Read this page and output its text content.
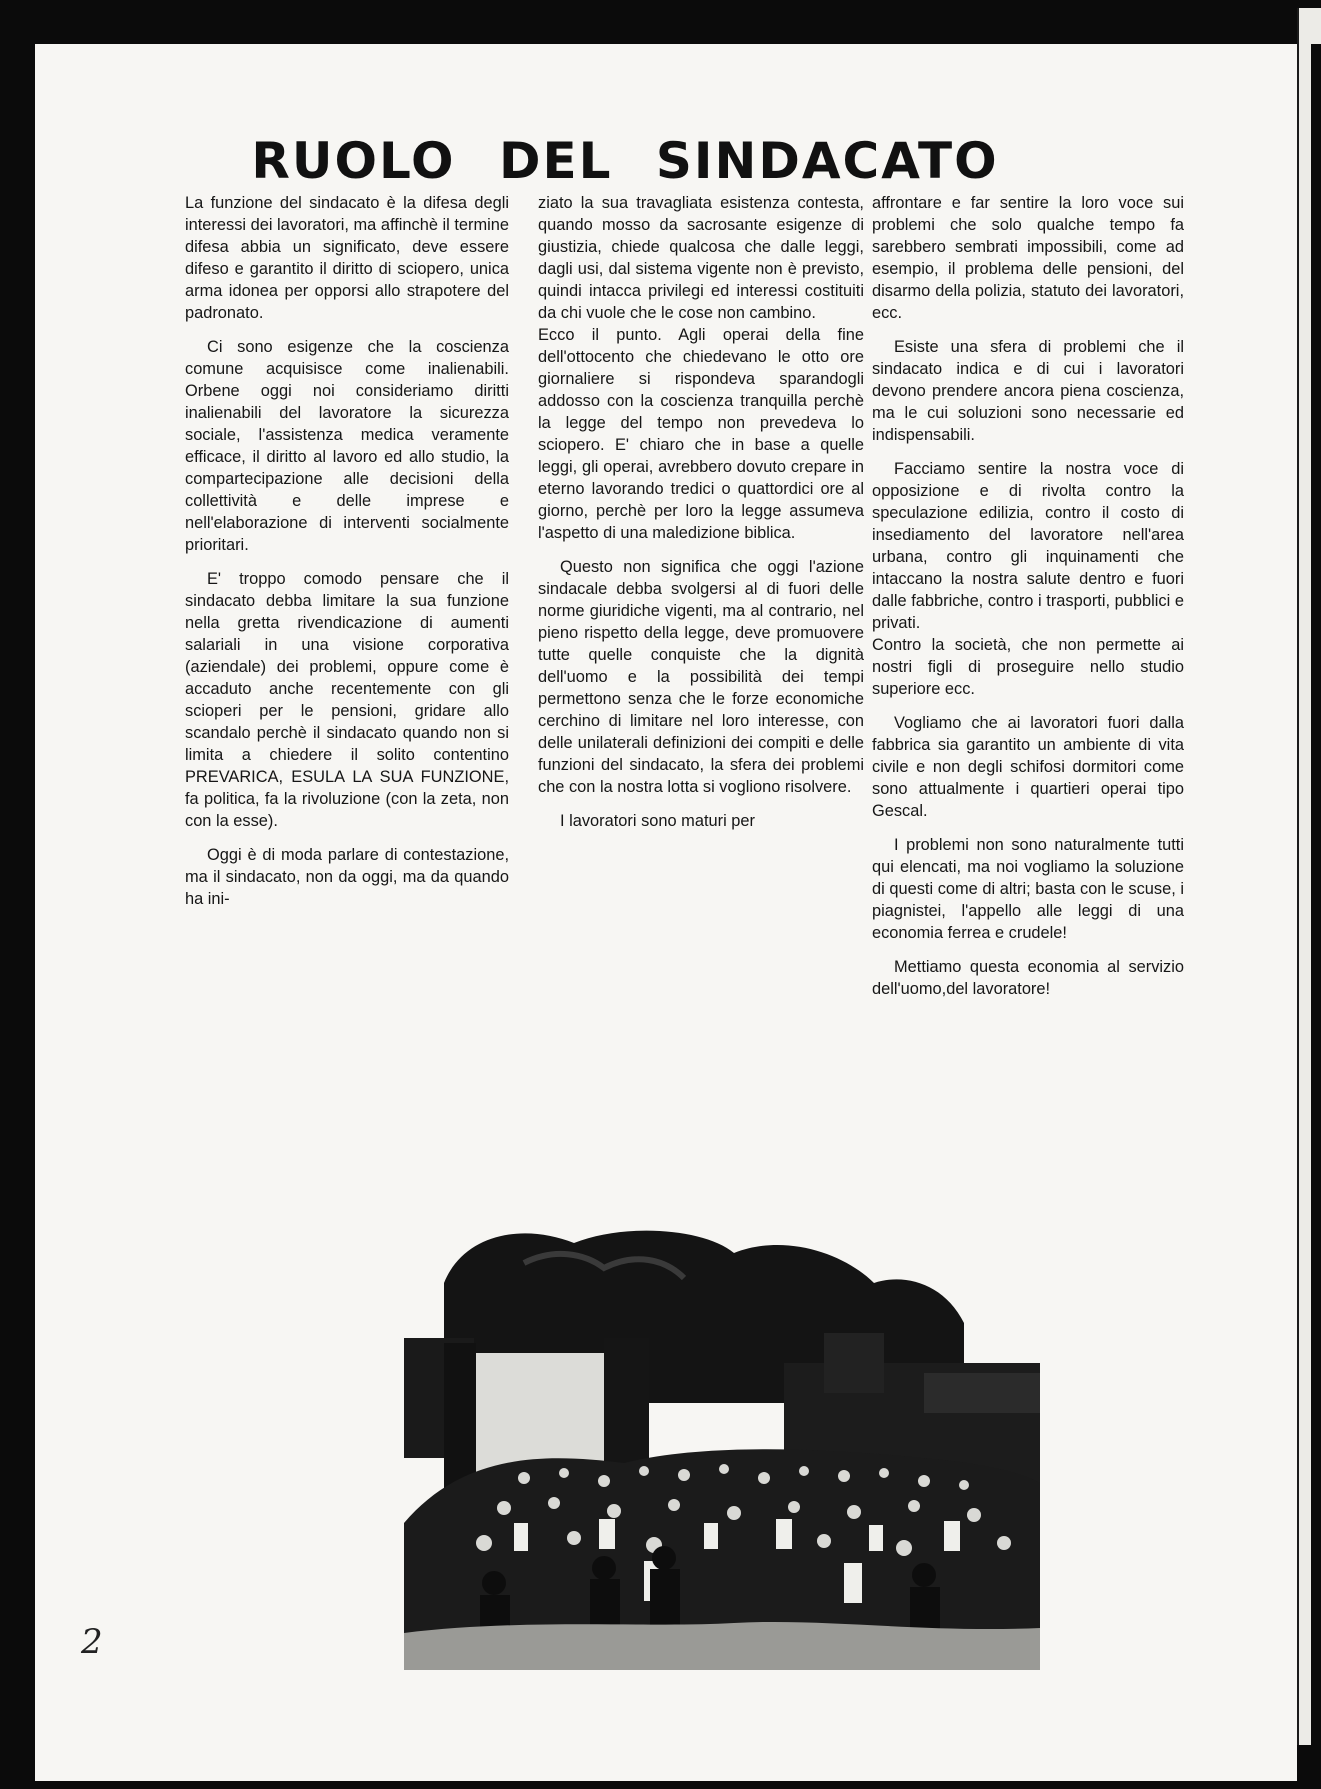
RUOLO DEL SINDACATO

La funzione del sindacato è la difesa degli interessi dei lavoratori, ma affinchè il termine difesa abbia un significato, deve essere difeso e garantito il diritto di sciopero, unica arma idonea per opporsi allo strapotere del padronato.

Ci sono esigenze che la coscienza comune acquisisce come inalienabili. Orbene oggi noi consideriamo diritti inalienabili del lavoratore la sicurezza sociale, l'assistenza medica veramente efficace, il diritto al lavoro ed allo studio, la compartecipazione alle decisioni della collettività e delle imprese e nell'elaborazione di interventi socialmente prioritari.

E' troppo comodo pensare che il sindacato debba limitare la sua funzione nella gretta rivendicazione di aumenti salariali in una visione corporativa (aziendale) dei problemi, oppure come è accaduto anche recentemente con gli scioperi per le pensioni, gridare allo scandalo perchè il sindacato quando non si limita a chiedere il solito contentino PREVARICA, ESULA LA SUA FUNZIONE, fa politica, fa la rivoluzione (con la zeta, non con la esse).

Oggi è di moda parlare di contestazione, ma il sindacato, non da oggi, ma da quando ha ini-

ziato la sua travagliata esistenza contesta, quando mosso da sacrosante esigenze di giustizia, chiede qualcosa che dalle leggi, dagli usi, dal sistema vigente non è previsto, quindi intacca privilegi ed interessi costituiti da chi vuole che le cose non cambino.

Ecco il punto. Agli operai della fine dell'ottocento che chiedevano le otto ore giornaliere si rispondeva sparandogli addosso con la coscienza tranquilla perchè la legge del tempo non prevedeva lo sciopero. E' chiaro che in base a quelle leggi, gli operai, avrebbero dovuto crepare in eterno lavorando tredici o quattordici ore al giorno, perchè per loro la legge assumeva l'aspetto di una maledizione biblica.

Questo non significa che oggi l'azione sindacale debba svolgersi al di fuori delle norme giuridiche vigenti, ma al contrario, nel pieno rispetto della legge, deve promuovere tutte quelle conquiste che la dignità dell'uomo e la possibilità dei tempi permettono senza che le forze economiche cerchino di limitare nel loro interesse, con delle unilaterali definizioni dei compiti e delle funzioni del sindacato, la sfera dei problemi che con la nostra lotta si vogliono risolvere.

I lavoratori sono maturi per

affrontare e far sentire la loro voce sui problemi che solo qualche tempo fa sarebbero sembrati impossibili, come ad esempio, il problema delle pensioni, del disarmo della polizia, statuto dei lavoratori, ecc.

Esiste una sfera di problemi che il sindacato indica e di cui i lavoratori devono prendere ancora piena coscienza, ma le cui soluzioni sono necessarie ed indispensabili.

Facciamo sentire la nostra voce di opposizione e di rivolta contro la speculazione edilizia, contro il costo di insediamento del lavoratore nell'area urbana, contro gli inquinamenti che intaccano la nostra salute dentro e fuori dalle fabbriche, contro i trasporti, pubblici e privati.

Contro la società, che non permette ai nostri figli di proseguire nello studio superiore ecc.

Vogliamo che ai lavoratori fuori dalla fabbrica sia garantito un ambiente di vita civile e non degli schifosi dormitori come sono attualmente i quartieri operai tipo Gescal.

I problemi non sono naturalmente tutti qui elencati, ma noi vogliamo la soluzione di questi come di altri; basta con le scuse, i piagnistei, l'appello alle leggi di una economia ferrea e crudele!

Mettiamo questa economia al servizio dell'uomo,del lavoratore!

2
